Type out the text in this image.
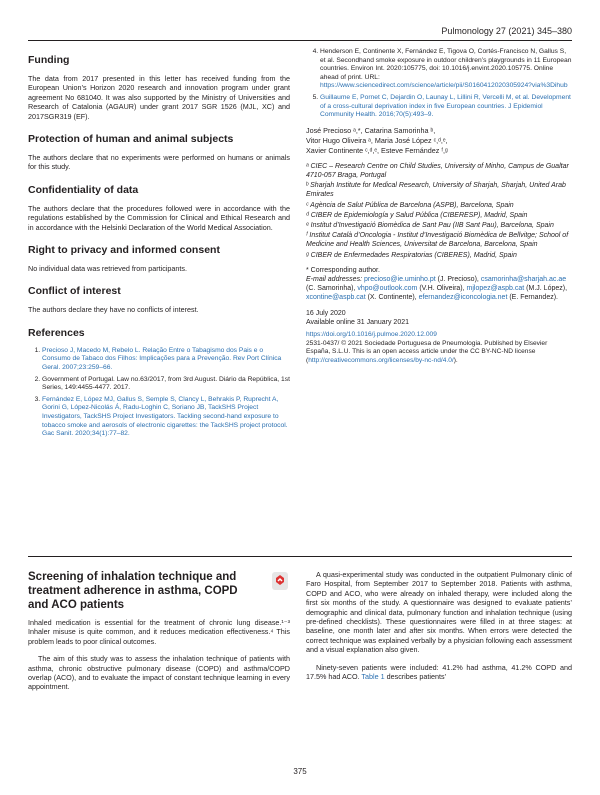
Pulmonology 27 (2021) 345–380
Funding

The data from 2017 presented in this letter has received funding from the European Union’s Horizon 2020 research and innovation program under grant agreement No 681040. It was also supported by the Ministry of Universities and Research of Catalonia (AGAUR) under grant 2017 SGR 1526 (MJL, XC) and 2017SGR319 (EF).

Protection of human and animal subjects

The authors declare that no experiments were performed on humans or animals for this study.

Confidentiality of data

The authors declare that the procedures followed were in accordance with the regulations established by the Commission for Clinical and Ethical Research and in accordance with the Helsinki Declaration of the World Medical Association.

Right to privacy and informed consent

No individual data was retrieved from participants.

Conflict of interest

The authors declare they have no conflicts of interest.

References
1. Precioso J, Macedo M, Rebelo L. Relação Entre o Tabagismo dos Pais e o Consumo de Tabaco dos Filhos: Implicações para a Prevenção. Rev Port Clínica Geral. 2007;23:259–66.
2. Government of Portugal. Law no.63/2017, from 3rd August. Diário da República, 1st Series, 149:4455-4477. 2017.
3. Fernández E, López MJ, Gallus S, Semple S, Clancy L, Behrakis P, Ruprecht A, Gorini G, López-Nicolás Á, Radu-Loghin C, Soriano JB, TackSHS Project Investigators, TackSHS Project Investigators. Tackling second-hand exposure to tobacco smoke and aerosols of electronic cigarettes: the TackSHS project protocol. Gac Sanit. 2020;34(1):77–82.
4. Henderson E, Continente X, Fernández E, Tigova O, Cortés-Francisco N, Gallus S, et al. Secondhand smoke exposure in outdoor children’s playgrounds in 11 European countries. Environ Int. 2020:105775, doi: 10.1016/j.envint.2020.105775. Online ahead of print. URL: https://www.sciencedirect.com/science/article/pii/S0160412020305924?via%3Dihub
5. Guillaume E, Pornet C, Dejardin O, Launay L, Lillini R, Vercelli M, et al. Development of a cross-cultural deprivation index in five European countries. J Epidemiol Community Health. 2016;70(5):493–9.
José Precioso ᵃ,*, Catarina Samorinha ᵇ,
Vitor Hugo Oliveira ᵃ, Maria José López ᶜ,ᵈ,ᵉ,
Xavier Continente ᶜ,ᵈ,ᵉ, Esteve Fernández ᶠ,ᵍ
ᵃ CIEC – Research Centre on Child Studies, University of Minho, Campus de Gualtar 4710-057 Braga, Portugal
ᵇ Sharjah Institute for Medical Research, University of Sharjah, Sharjah, United Arab Emirates
ᶜ Agència de Salut Pública de Barcelona (ASPB), Barcelona, Spain
ᵈ CIBER de Epidemiología y Salud Pública (CIBERESP), Madrid, Spain
ᵉ Institut d’Investigació Biomèdica de Sant Pau (IIB Sant Pau), Barcelona, Spain
ᶠ Institut Català d’Oncologia - Institut d’Investigació Biomèdica de Bellvitge; School of Medicine and Health Sciences, Universitat de Barcelona, Barcelona, Spain
ᵍ CIBER de Enfermedades Respiratorias (CIBERES), Madrid, Spain
* Corresponding author.
E-mail addresses: precioso@ie.uminho.pt (J. Precioso), csamorinha@sharjah.ac.ae (C. Samorinha), vhpo@outlook.com (V.H. Oliveira), mjlopez@aspb.cat (M.J. López), xcontine@aspb.cat (X. Continente), efernandez@iconcologia.net (E. Fernandez).
16 July 2020
Available online 31 January 2021
https://doi.org/10.1016/j.pulmoe.2020.12.009
2531-0437/ © 2021 Sociedade Portuguesa de Pneumologia. Published by Elsevier España, S.L.U. This is an open access article under the CC BY-NC-ND license (http://creativecommons.org/licenses/by-nc-nd/4.0/).
Screening of inhalation technique and treatment adherence in asthma, COPD and ACO patients

Inhaled medication is essential for the treatment of chronic lung disease.¹⁻³ Inhaler misuse is quite common, and it reduces medication effectiveness.⁴ This problem leads to poor clinical outcomes.

The aim of this study was to assess the inhalation technique of patients with asthma, chronic obstructive pulmonary disease (COPD) and asthma/COPD overlap (ACO), and to evaluate the impact of constant technique learning in every appointment.

A quasi-experimental study was conducted in the outpatient Pulmonary clinic of Faro Hospital, from September 2017 to September 2018. Patients with asthma, COPD and ACO, who were already on inhaled therapy, were included along the first six months of the study. A questionnaire was designed to evaluate patients’ demographic and clinical data, pulmonary function and inhalation technique (using pre-defined checklists). These questionnaires were filled in at three stages: at baseline, one month later and after six months. When errors were detected the correct technique was explained verbally by a physician following each assessment and a visual explanation also given.

Ninety-seven patients were included: 41.2% had asthma, 41.2% COPD and 17.5% had ACO. Table 1 describes patients’

375
